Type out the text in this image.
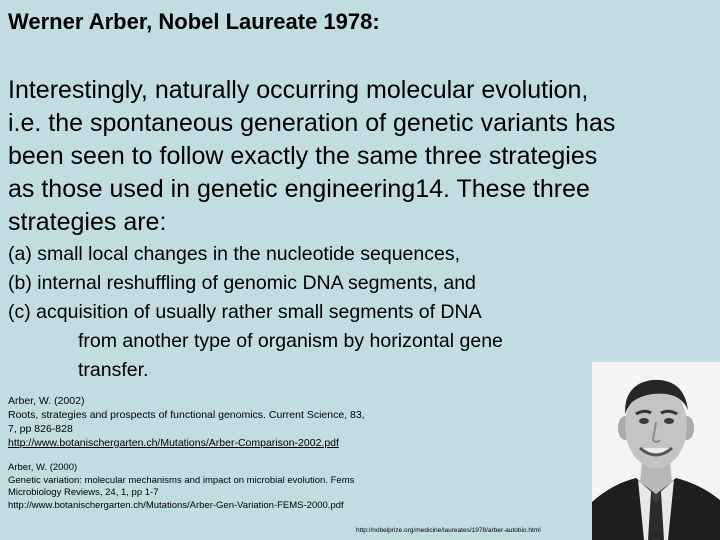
Werner Arber, Nobel Laureate 1978:
Interestingly, naturally occurring molecular evolution,
i.e. the spontaneous generation of genetic variants has
been seen to follow exactly the same three strategies
as those used in genetic engineering14. These three
strategies are:
(a) small local changes in the nucleotide sequences,
(b) internal reshuffling of genomic DNA segments, and
(c) acquisition of usually rather small segments of DNA
from another type of organism by horizontal gene
transfer.
Arber, W. (2002)
Roots, strategies and prospects of functional genomics. Current Science, 83,
7, pp 826-828
http://www.botanischergarten.ch/Mutations/Arber-Comparison-2002.pdf
Arber, W. (2000)
Genetic variation: molecular mechanisms and impact on microbial evolution. Fems
Microbiology Reviews, 24, 1, pp 1-7
http://www.botanischergarten.ch/Mutations/Arber-Gen-Variation-FEMS-2000.pdf
http://nobelprize.org/medicine/laureates/1978/arber-autobio.html
